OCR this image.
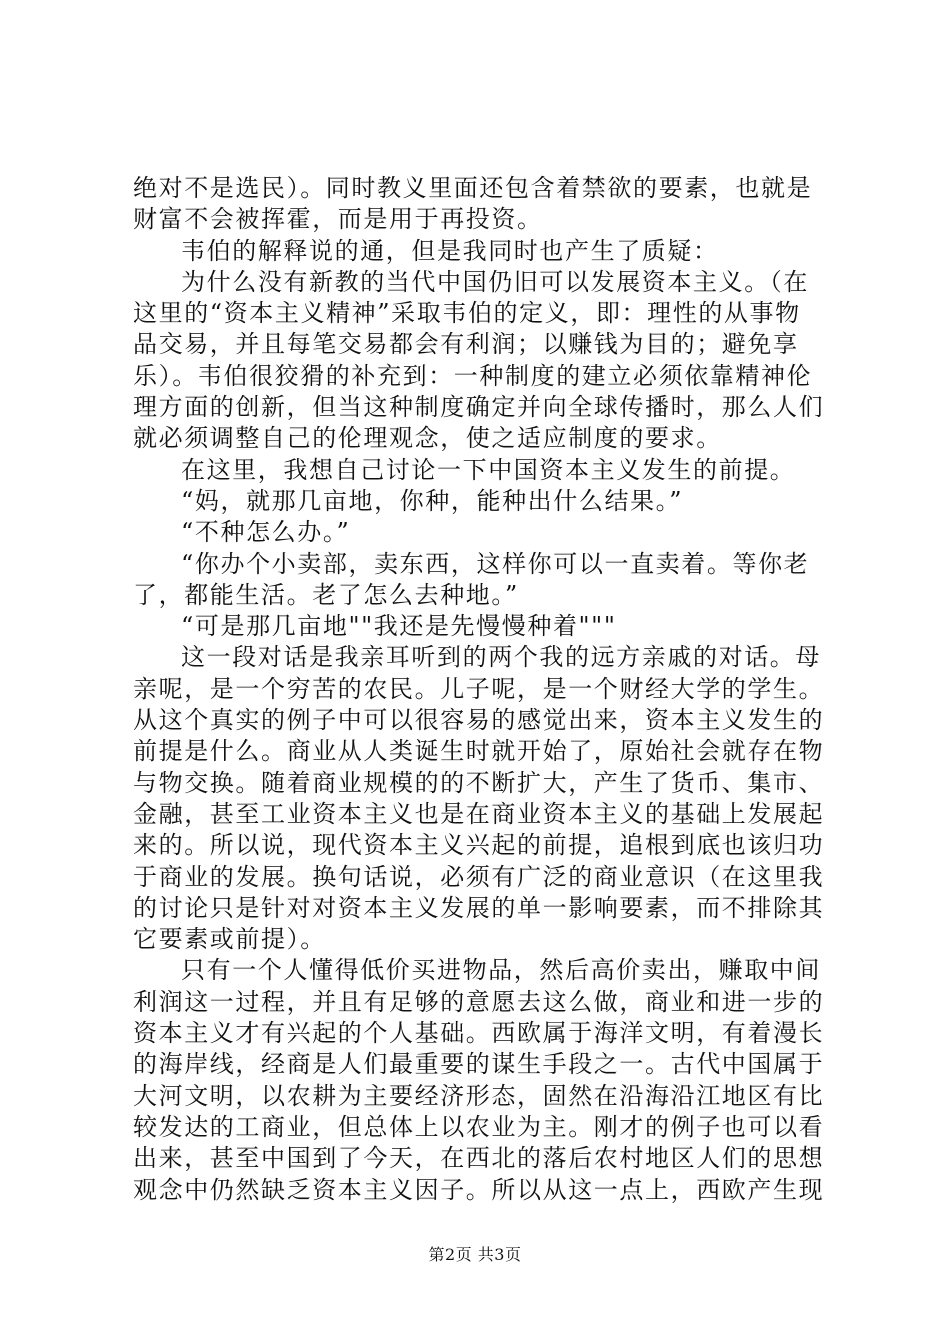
绝对不是选民）。同时教义里面还包含着禁欲的要素，也就是
财富不会被挥霍，而是用于再投资。
韦伯的解释说的通，但是我同时也产生了质疑：
为什么没有新教的当代中国仍旧可以发展资本主义。（在
这里的“资本主义精神”采取韦伯的定义，即：理性的从事物
品交易，并且每笔交易都会有利润；以赚钱为目的；避免享
乐）。韦伯很狡猾的补充到：一种制度的建立必须依靠精神伦
理方面的创新，但当这种制度确定并向全球传播时，那么人们
就必须调整自己的伦理观念，使之适应制度的要求。
在这里，我想自己讨论一下中国资本主义发生的前提。
“妈，就那几亩地，你种，能种出什么结果。”
“不种怎么办。”
“你办个小卖部，卖东西，这样你可以一直卖着。等你老
了，都能生活。老了怎么去种地。”
“可是那几亩地""我还是先慢慢种着"""
这一段对话是我亲耳听到的两个我的远方亲戚的对话。母
亲呢，是一个穷苦的农民。儿子呢，是一个财经大学的学生。
从这个真实的例子中可以很容易的感觉出来，资本主义发生的
前提是什么。商业从人类诞生时就开始了，原始社会就存在物
与物交换。随着商业规模的的不断扩大，产生了货币、集市、
金融，甚至工业资本主义也是在商业资本主义的基础上发展起
来的。所以说，现代资本主义兴起的前提，追根到底也该归功
于商业的发展。换句话说，必须有广泛的商业意识（在这里我
的讨论只是针对对资本主义发展的单一影响要素，而不排除其
它要素或前提）。
只有一个人懂得低价买进物品，然后高价卖出，赚取中间
利润这一过程，并且有足够的意愿去这么做，商业和进一步的
资本主义才有兴起的个人基础。西欧属于海洋文明，有着漫长
的海岸线，经商是人们最重要的谋生手段之一。古代中国属于
大河文明，以农耕为主要经济形态，固然在沿海沿江地区有比
较发达的工商业，但总体上以农业为主。刚才的例子也可以看
出来，甚至中国到了今天，在西北的落后农村地区人们的思想
观念中仍然缺乏资本主义因子。所以从这一点上，西欧产生现
第2页 共3页
